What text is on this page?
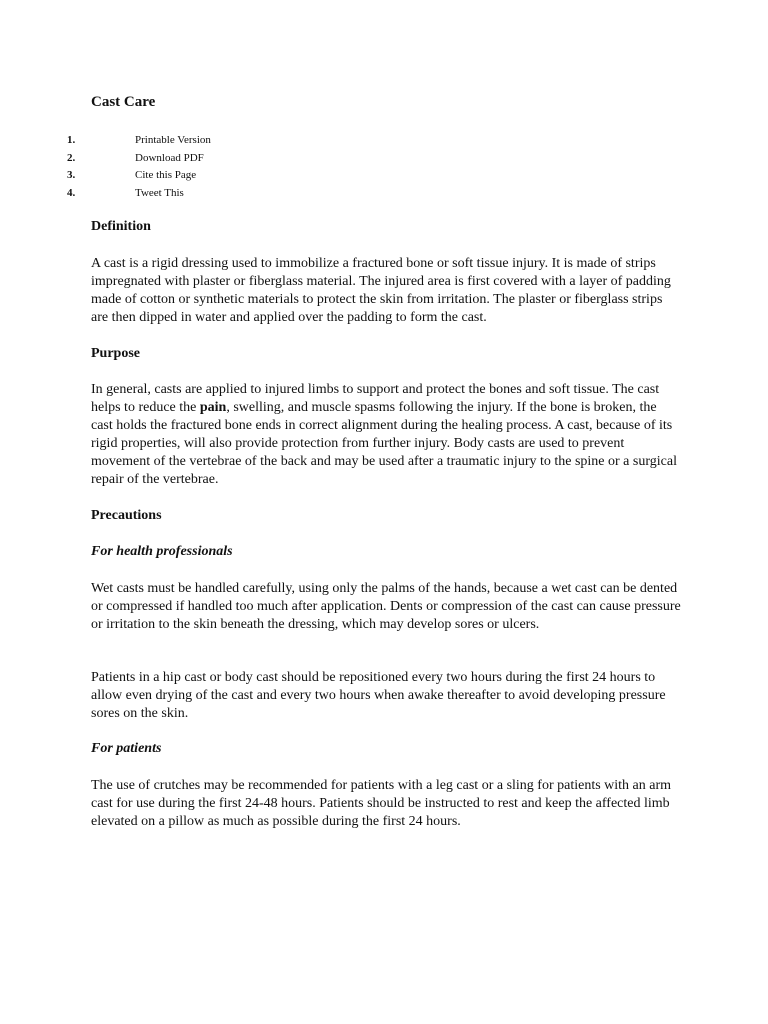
Cast Care
1.	Printable Version
2.	Download PDF
3.	Cite this Page
4.	Tweet This
Definition

A cast is a rigid dressing used to immobilize a fractured bone or soft tissue injury. It is made of strips impregnated with plaster or fiberglass material. The injured area is first covered with a layer of padding made of cotton or synthetic materials to protect the skin from irritation. The plaster or fiberglass strips are then dipped in water and applied over the padding to form the cast.

Purpose

In general, casts are applied to injured limbs to support and protect the bones and soft tissue. The cast helps to reduce the pain, swelling, and muscle spasms following the injury. If the bone is broken, the cast holds the fractured bone ends in correct alignment during the healing process. A cast, because of its rigid properties, will also provide protection from further injury. Body casts are used to prevent movement of the vertebrae of the back and may be used after a traumatic injury to the spine or a surgical repair of the vertebrae.

Precautions
For health professionals

Wet casts must be handled carefully, using only the palms of the hands, because a wet cast can be dented or compressed if handled too much after application. Dents or compression of the cast can cause pressure or irritation to the skin beneath the dressing, which may develop sores or ulcers.

Patients in a hip cast or body cast should be repositioned every two hours during the first 24 hours to allow even drying of the cast and every two hours when awake thereafter to avoid developing pressure sores on the skin.

For patients

The use of crutches may be recommended for patients with a leg cast or a sling for patients with an arm cast for use during the first 24-48 hours. Patients should be instructed to rest and keep the affected limb elevated on a pillow as much as possible during the first 24 hours.
